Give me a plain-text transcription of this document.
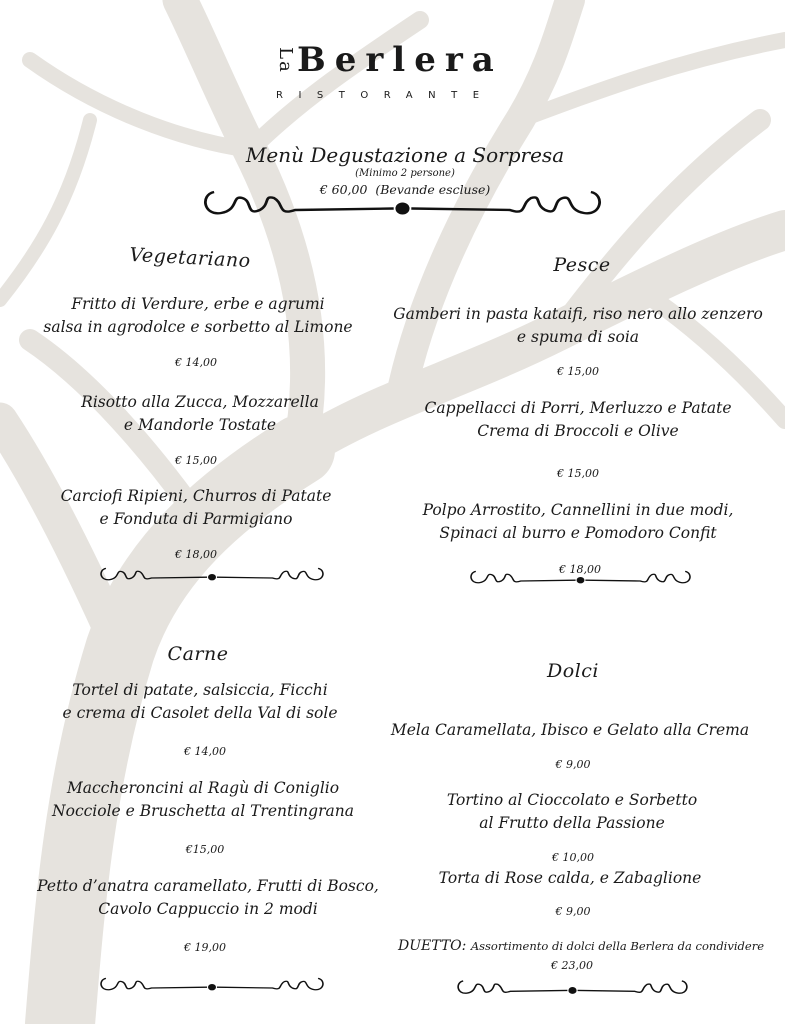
La Berlera
RISTORANTE
Menù Degustazione a Sorpresa
(Minimo 2 persone)
€ 60,00  (Bevande escluse)
Vegetariano
Fritto di Verdure, erbe e agrumi
salsa in agrodolce e sorbetto al Limone
€ 14,00
Risotto alla Zucca, Mozzarella
e Mandorle Tostate
€ 15,00
Carciofi Ripieni, Churros di Patate
e Fonduta di Parmigiano
€ 18,00
Pesce
Gamberi in pasta kataifi, riso nero allo zenzero
e spuma di soia
€ 15,00
Cappellacci di Porri, Merluzzo e Patate
Crema di Broccoli e Olive
€ 15,00
Polpo Arrostito, Cannellini in due modi,
Spinaci al burro e Pomodoro Confit
€ 18,00
Carne
Tortel di patate, salsiccia, Ficchi
e crema di Casolet della Val di sole
€ 14,00
Maccheroncini al Ragù di Coniglio
Nocciole e Bruschetta al Trentingrana
€15,00
Petto d’anatra caramellato, Frutti di Bosco,
Cavolo Cappuccio in 2 modi
€ 19,00
Dolci
Mela Caramellata, Ibisco e Gelato alla Crema
€ 9,00
Tortino al Cioccolato e Sorbetto
al Frutto della Passione
€ 10,00
Torta di Rose calda, e Zabaglione
€ 9,00
DUETTO: Assortimento di dolci della Berlera da condividere
€ 23,00
